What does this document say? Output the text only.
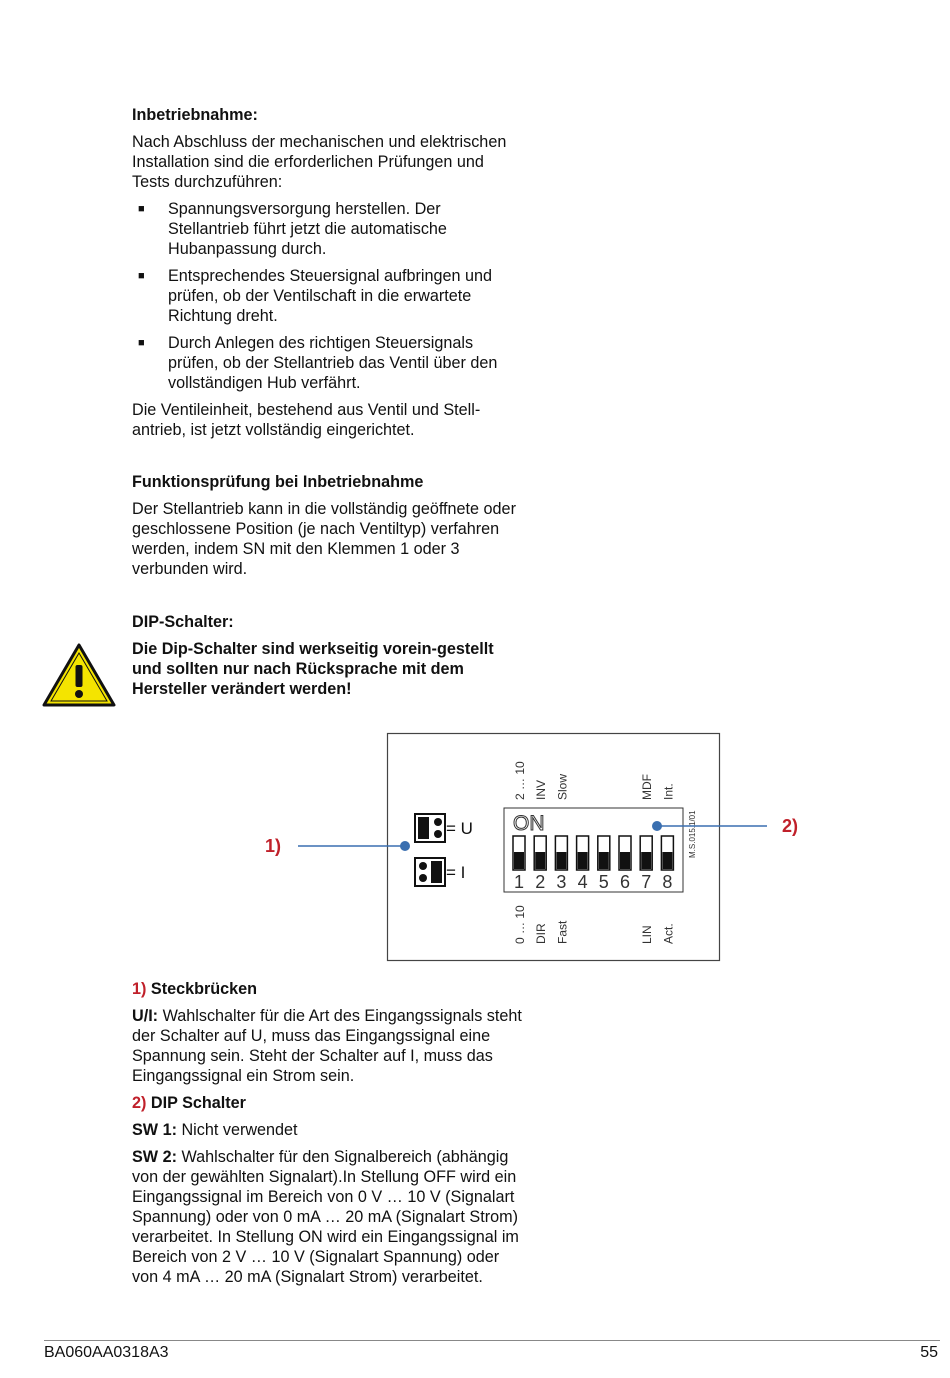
Inbetriebnahme:

Nach Abschluss der mechanischen und elektrischen Installation sind die erforderlichen Prüfungen und Tests durchzuführen:

■ Spannungsversorgung herstellen. Der Stellantrieb führt jetzt die automatische Hubanpassung durch.
■ Entsprechendes Steuersignal aufbringen und prüfen, ob der Ventilschaft in die erwartete Richtung dreht.
■ Durch Anlegen des richtigen Steuersignals prüfen, ob der Stellantrieb das Ventil über den vollständigen Hub verfährt.

Die Ventileinheit, bestehend aus Ventil und Stell-antrieb, ist jetzt vollständig eingerichtet.

Funktionsprüfung bei Inbetriebnahme

Der Stellantrieb kann in die vollständig geöffnete oder geschlossene Position (je nach Ventiltyp) verfahren werden, indem SN mit den Klemmen 1 oder 3 verbunden wird.

DIP-Schalter:

Die Dip-Schalter sind werkseitig vorein-gestellt und sollten nur nach Rücksprache mit dem Hersteller verändert werden!

1)
= U
= I
ON
1 2 3 4 5 6 7 8
2 … 10 INV Slow	MDF Int.
0 … 10 DIR Fast	LIN Act.
M.S.015.1/01	2)

1) Steckbrücken

U/I: Wahlschalter für die Art des Eingangssignals steht der Schalter auf U, muss das Eingangssignal eine Spannung sein. Steht der Schalter auf I, muss das Eingangssignal ein Strom sein.

2) DIP Schalter

SW 1: Nicht verwendet

SW 2: Wahlschalter für den Signalbereich (abhängig von der gewählten Signalart).In Stellung OFF wird ein Eingangssignal im Bereich von 0 V … 10 V (Signalart Spannung) oder von 0 mA … 20 mA (Signalart Strom) verarbeitet. In Stellung ON wird ein Eingangssignal im Bereich von 2 V … 10 V (Signalart Spannung) oder von 4 mA … 20 mA (Signalart Strom) verarbeitet.

BA060AA0318A3	55
